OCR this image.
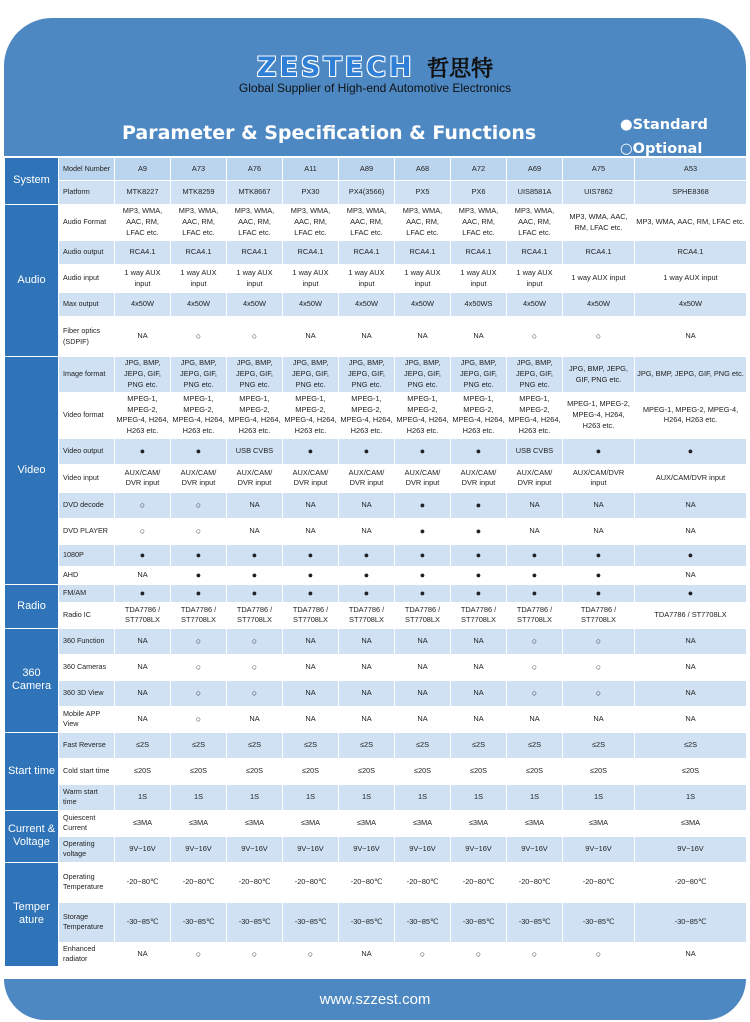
ZESTECH 哲思特
Global Supplier of High-end Automotive Electronics
Parameter & Specification & Functions	●Standard
○Optional
System	Model Number	A9	A73	A76	A11	A89	A68	A72	A69	A75	A53
	Platform	MTK8227	MTK8259	MTK8667	PX30	PX4(3566)	PX5	PX6	UIS8581A	UIS7862	SPHE8368
Audio	Audio Format	MP3, WMA, AAC, RM, LFAC etc.	MP3, WMA, AAC, RM, LFAC etc.	MP3, WMA, AAC, RM, LFAC etc.	MP3, WMA, AAC, RM, LFAC etc.	MP3, WMA, AAC, RM, LFAC etc.	MP3, WMA, AAC, RM, LFAC etc.	MP3, WMA, AAC, RM, LFAC etc.	MP3, WMA, AAC, RM, LFAC etc.	MP3, WMA, AAC, RM, LFAC etc.	MP3, WMA, AAC, RM, LFAC etc.
	Audio output	RCA4.1	RCA4.1	RCA4.1	RCA4.1	RCA4.1	RCA4.1	RCA4.1	RCA4.1	RCA4.1	RCA4.1
	Audio input	1 way AUX input	1 way AUX input	1 way AUX input	1 way AUX input	1 way AUX input	1 way AUX input	1 way AUX input	1 way AUX input	1 way AUX input	1 way AUX input
	Max output	4x50W	4x50W	4x50W	4x50W	4x50W	4x50W	4x50WS	4x50W	4x50W	4x50W
	Fiber optics (SDPIF)	NA	○	○	NA	NA	NA	NA	○	○	NA
Video	Image format	JPG, BMP, JEPG, GIF, PNG etc.	JPG, BMP, JEPG, GIF, PNG etc.	JPG, BMP, JEPG, GIF, PNG etc.	JPG, BMP, JEPG, GIF, PNG etc.	JPG, BMP, JEPG, GIF, PNG etc.	JPG, BMP, JEPG, GIF, PNG etc.	JPG, BMP, JEPG, GIF, PNG etc.	JPG, BMP, JEPG, GIF, PNG etc.	JPG, BMP, JEPG, GIF, PNG etc.	JPG, BMP, JEPG, GIF, PNG etc.
	Video format	MPEG-1, MPEG-2, MPEG-4, H264, H263 etc.	MPEG-1, MPEG-2, MPEG-4, H264, H263 etc.	MPEG-1, MPEG-2, MPEG-4, H264, H263 etc.	MPEG-1, MPEG-2, MPEG-4, H264, H263 etc.	MPEG-1, MPEG-2, MPEG-4, H264, H263 etc.	MPEG-1, MPEG-2, MPEG-4, H264, H263 etc.	MPEG-1, MPEG-2, MPEG-4, H264, H263 etc.	MPEG-1, MPEG-2, MPEG-4, H264, H263 etc.	MPEG-1, MPEG-2, MPEG-4, H264, H263 etc.	MPEG-1, MPEG-2, MPEG-4, H264, H263 etc.
	Video output	●	●	USB CVBS	●	●	●	●	USB CVBS	●	●
	Video input	AUX/CAM/ DVR input	AUX/CAM/ DVR input	AUX/CAM/ DVR input	AUX/CAM/ DVR input	AUX/CAM/ DVR input	AUX/CAM/ DVR input	AUX/CAM/ DVR input	AUX/CAM/ DVR input	AUX/CAM/DVR input	AUX/CAM/DVR input
	DVD decode	○	○	NA	NA	NA	●	●	NA	NA	NA
	DVD PLAYER	○	○	NA	NA	NA	●	●	NA	NA	NA
	1080P	●	●	●	●	●	●	●	●	●	●
	AHD	NA	●	●	●	●	●	●	●	●	NA
Radio	FM/AM	●	●	●	●	●	●	●	●	●	●
	Radio IC	TDA7786 / ST7708LX	TDA7786 / ST7708LX	TDA7786 / ST7708LX	TDA7786 / ST7708LX	TDA7786 / ST7708LX	TDA7786 / ST7708LX	TDA7786 / ST7708LX	TDA7786 / ST7708LX	TDA7786 / ST7708LX	TDA7786 / ST7708LX
360 Camera	360 Function	NA	○	○	NA	NA	NA	NA	○	○	NA
	360 Cameras	NA	○	○	NA	NA	NA	NA	○	○	NA
	360 3D View	NA	○	○	NA	NA	NA	NA	○	○	NA
	Mobile APP View	NA	○	NA	NA	NA	NA	NA	NA	NA	NA
Start time	Fast Reverse	≤2S	≤2S	≤2S	≤2S	≤2S	≤2S	≤2S	≤2S	≤2S	≤2S
	Cold start time	≤20S	≤20S	≤20S	≤20S	≤20S	≤20S	≤20S	≤20S	≤20S	≤20S
	Warm start time	1S	1S	1S	1S	1S	1S	1S	1S	1S	1S
Current & Voltage	Quiescent Current	≤3MA	≤3MA	≤3MA	≤3MA	≤3MA	≤3MA	≤3MA	≤3MA	≤3MA	≤3MA
	Operating voltage	9V~16V	9V~16V	9V~16V	9V~16V	9V~16V	9V~16V	9V~16V	9V~16V	9V~16V	9V~16V
Temper ature	Operating Temperature	-20~80℃	-20~80℃	-20~80℃	-20~80℃	-20~80℃	-20~80℃	-20~80℃	-20~80℃	-20~80℃	-20~80℃
	Storage Temperature	-30~85℃	-30~85℃	-30~85℃	-30~85℃	-30~85℃	-30~85℃	-30~85℃	-30~85℃	-30~85℃	-30~85℃
	Enhanced radiator	NA	○	○	○	NA	○	○	○	○	NA
www.szzest.com
